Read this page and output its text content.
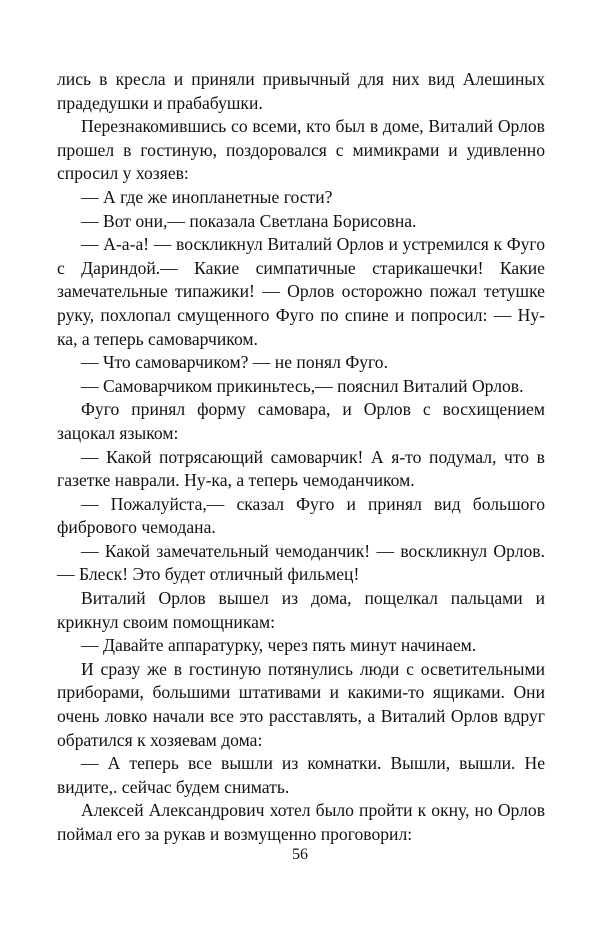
лись в кресла и приняли привычный для них вид Алешиных прадедушки и прабабушки.

Перезнакомившись со всеми, кто был в доме, Виталий Орлов прошел в гостиную, поздоровался с мимикрами и удивленно спросил у хозяев:

— А где же инопланетные гости?

— Вот они,— показала Светлана Борисовна.

— А-а-а! — воскликнул Виталий Орлов и устремился к Фуго с Дариндой.— Какие симпатичные старикашечки! Какие замечательные типажики! — Орлов осторожно пожал тетушке руку, похлопал смущенного Фуго по спине и попросил: — Ну-ка, а теперь самоварчиком.

— Что самоварчиком? — не понял Фуго.

— Самоварчиком прикиньтесь,— пояснил Виталий Орлов.

Фуго принял форму самовара, и Орлов с восхищением зацокал языком:

— Какой потрясающий самоварчик! А я-то подумал, что в газетке наврали. Ну-ка, а теперь чемоданчиком.

— Пожалуйста,— сказал Фуго и принял вид большого фибрового чемодана.

— Какой замечательный чемоданчик! — воскликнул Орлов.— Блеск! Это будет отличный фильмец!

Виталий Орлов вышел из дома, пощелкал пальцами и крикнул своим помощникам:

— Давайте аппаратурку, через пять минут начинаем.

И сразу же в гостиную потянулись люди с осветительными приборами, большими штативами и какими-то ящиками. Они очень ловко начали все это расставлять, а Виталий Орлов вдруг обратился к хозяевам дома:

— А теперь все вышли из комнатки. Вышли, вышли. Не видите,. сейчас будем снимать.

Алексей Александрович хотел было пройти к окну, но Орлов поймал его за рукав и возмущенно проговорил:

56
